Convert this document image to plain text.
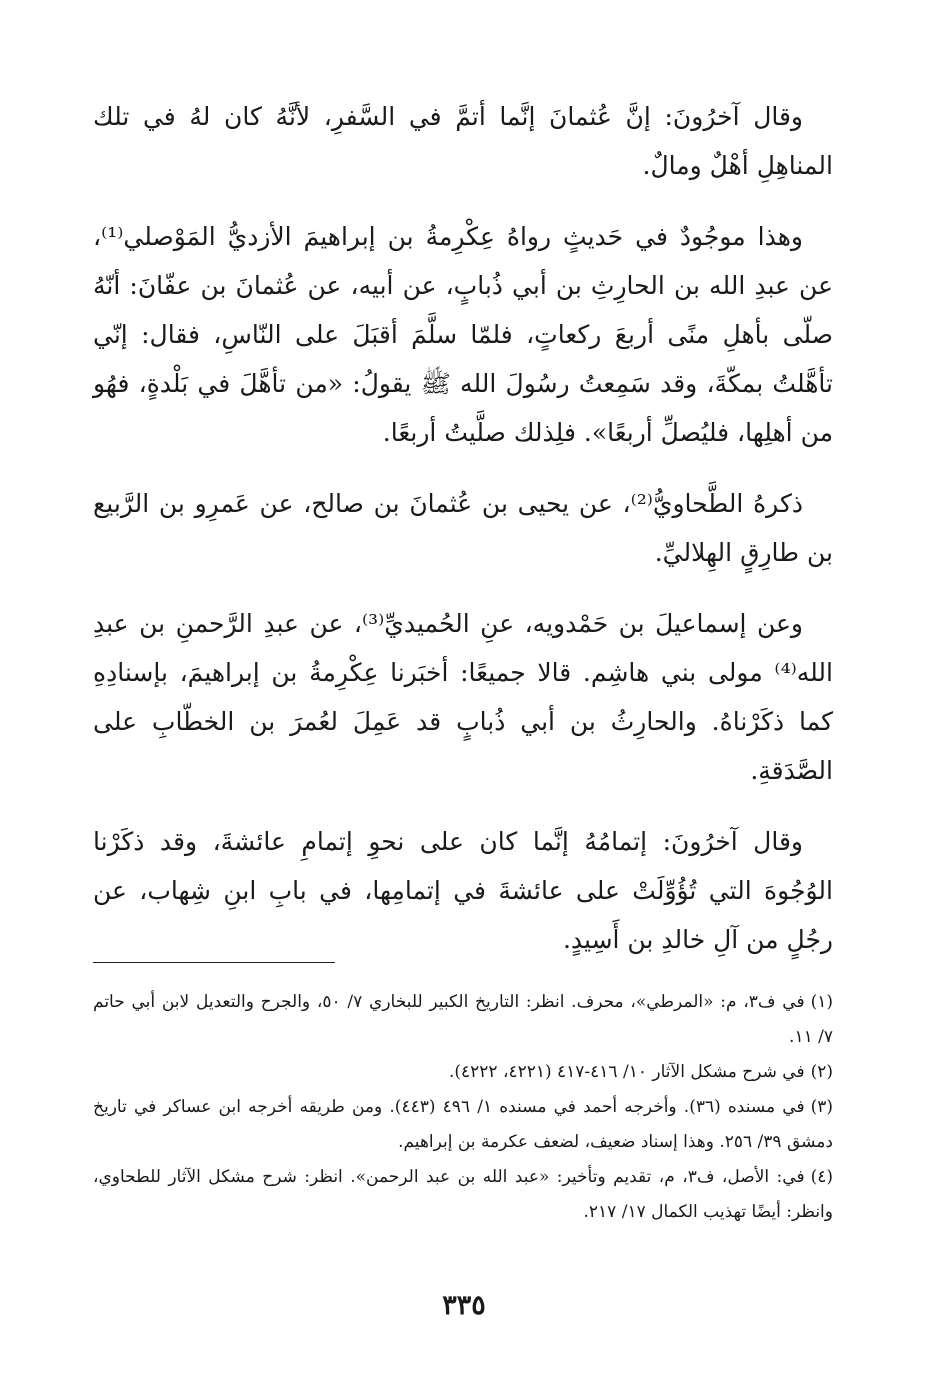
وقال آخرُونَ: إنَّ عُثمانَ إنَّما أتمَّ في السَّفرِ، لأنَّهُ كان لهُ في تلك المناهِلِ أهْلٌ ومالٌ.

وهذا موجُودٌ في حَديثٍ رواهُ عِكْرِمةُ بن إبراهيمَ الأزديُّ المَوْصلي⁽¹⁾، عن عبدِ الله بن الحارِثِ بن أبي ذُبابٍ، عن أبيه، عن عُثمانَ بن عفّانَ: أنّهُ صلّى بأهلِ منًى أربعَ ركعاتٍ، فلمّا سلَّمَ أقبَلَ على النّاسِ، فقال: إنّي تأهَّلتُ بمكّةَ، وقد سَمِعتُ رسُولَ الله ﷺ يقولُ: «من تأهَّلَ في بَلْدةٍ، فهُو من أهلِها، فليُصلِّ أربعًا». فلِذلك صلَّيتُ أربعًا.

ذكرهُ الطَّحاويُّ⁽²⁾، عن يحيى بن عُثمانَ بن صالح، عن عَمرِو بن الرَّبيع بن طارِقٍ الهِلاليِّ.

وعن إسماعيلَ بن حَمْدويه، عنِ الحُميديِّ⁽³⁾، عن عبدِ الرَّحمنِ بن عبدِ الله⁽⁴⁾ مولى بني هاشِم. قالا جميعًا: أخبَرنا عِكْرِمةُ بن إبراهيمَ، بإسنادِهِ كما ذكَرْناهُ. والحارِثُ بن أبي ذُبابٍ قد عَمِلَ لعُمرَ بن الخطّابِ على الصَّدَقةِ.

وقال آخرُونَ: إتمامُهُ إنَّما كان على نحوِ إتمامِ عائشةَ، وقد ذكَرْنا الوُجُوهَ التي تُؤُوِّلَتْ على عائشةَ في إتمامِها، في بابِ ابنِ شِهاب، عن رجُلٍ من آلِ خالدِ بن أَسِيدٍ.

(١)في ف٣، م: «المرطي»، محرف. انظر: التاريخ الكبير للبخاري ٧/ ٥٠، والجرح والتعديل لابن أبي حاتم ٧/ ١١.

(٢)في شرح مشكل الآثار ١٠/ ٤١٦-٤١٧ (٤٢٢١، ٤٢٢٢).

(٣)في مسنده (٣٦). وأخرجه أحمد في مسنده ١/ ٤٩٦ (٤٤٣). ومن طريقه أخرجه ابن عساكر في تاريخ دمشق ٣٩/ ٢٥٦. وهذا إسناد ضعيف، لضعف عكرمة بن إبراهيم.

(٤)في: الأصل، ف٣، م، تقديم وتأخير: «عبد الله بن عبد الرحمن». انظر: شرح مشكل الآثار للطحاوي، وانظر: أيضًا تهذيب الكمال ١٧/ ٢١٧.

٣٣٥
